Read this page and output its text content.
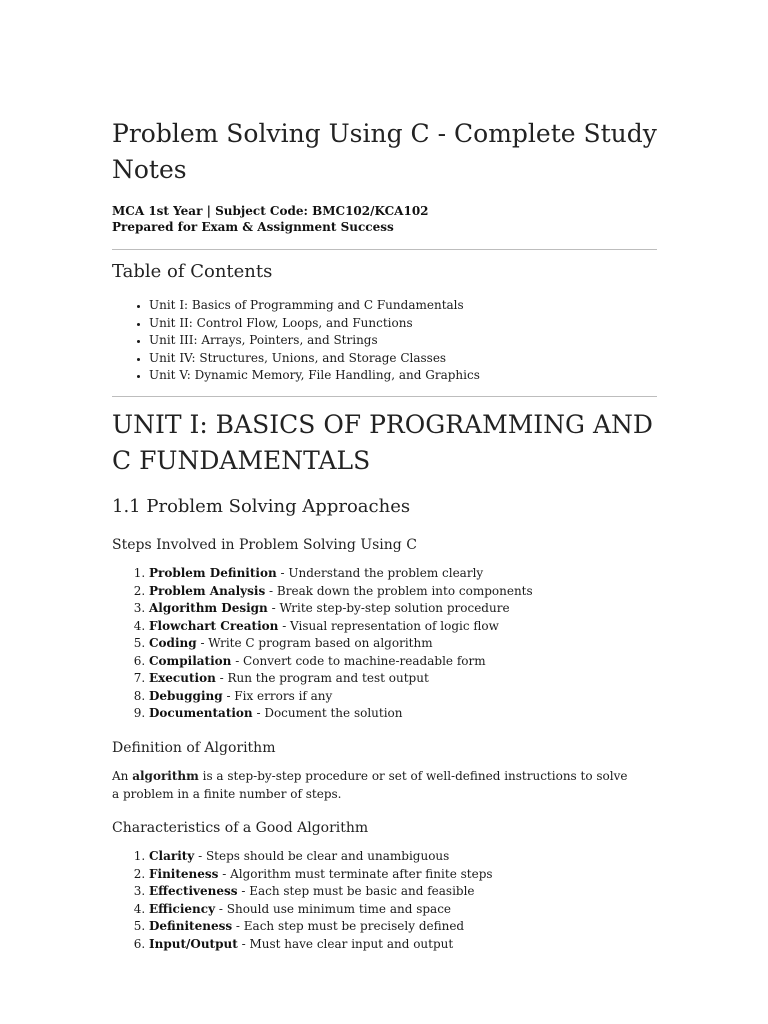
Problem Solving Using C - Complete Study Notes

MCA 1st Year | Subject Code: BMC102/KCA102

Prepared for Exam & Assignment Success

Table of Contents
• Unit I: Basics of Programming and C Fundamentals
• Unit II: Control Flow, Loops, and Functions
• Unit III: Arrays, Pointers, and Strings
• Unit IV: Structures, Unions, and Storage Classes
• Unit V: Dynamic Memory, File Handling, and Graphics
UNIT I: BASICS OF PROGRAMMING AND C FUNDAMENTALS
1.1 Problem Solving Approaches
Steps Involved in Problem Solving Using C
1. Problem Definition - Understand the problem clearly
2. Problem Analysis - Break down the problem into components
3. Algorithm Design - Write step-by-step solution procedure
4. Flowchart Creation - Visual representation of logic flow
5. Coding - Write C program based on algorithm
6. Compilation - Convert code to machine-readable form
7. Execution - Run the program and test output
8. Debugging - Fix errors if any
9. Documentation - Document the solution
Definition of Algorithm

An algorithm is a step-by-step procedure or set of well-defined instructions to solve a problem in a finite number of steps.

Characteristics of a Good Algorithm
1. Clarity - Steps should be clear and unambiguous
2. Finiteness - Algorithm must terminate after finite steps
3. Effectiveness - Each step must be basic and feasible
4. Efficiency - Should use minimum time and space
5. Definiteness - Each step must be precisely defined
6. Input/Output - Must have clear input and output
